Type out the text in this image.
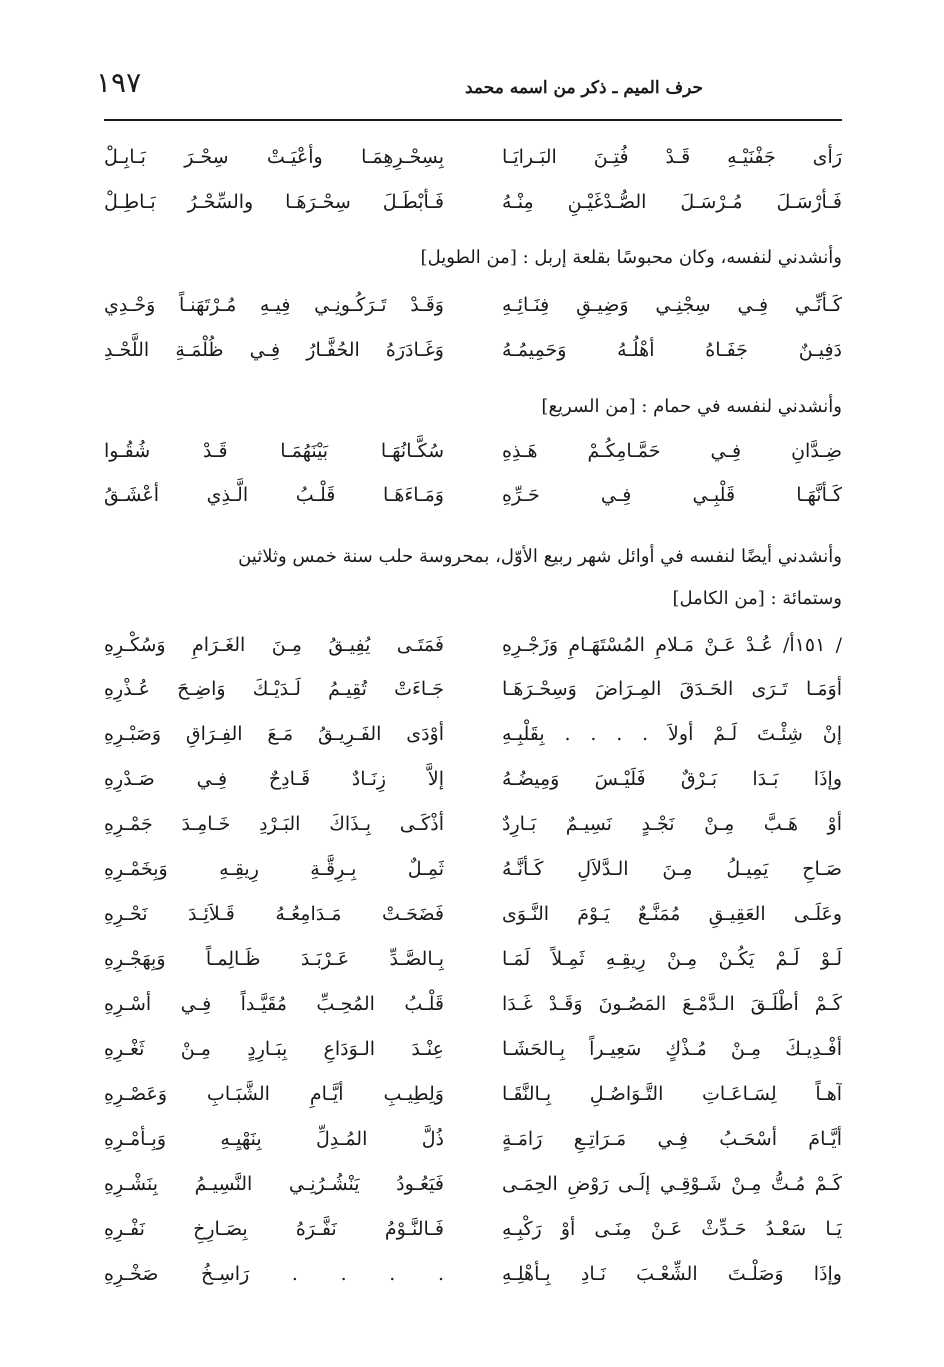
١٩٧	حرف الميم ـ ذكر من اسمه محمد
رَأى جَفْنَيْـهِ قَـدْ فُتِـنَ البَـرايَـا
بِسِحْـرِهِمَـا وأعْيَـتْ سِحْـرَ بَـابِـلْ
فَـأرْسَـلَ مُـرْسَـلَ الصُّـدْغَيْـنِ مِنْـهُ
فَـأبْطَـلَ سِحْـرَهَـا والسِّحْـرُ بَـاطِـلْ
وأنشدني لنفسه، وكان محبوسًا بقلعة إربل : [من الطويل]
كَـأنِّـي فِـي سِجْنِـي وَضِيـقِ فِنَـائِـهِ
وَقَـدْ تَـرَكُـونِـي فِيـهِ مُـرْتَهَنـاً وَحْـدِي
دَفِيـنٌ جَفَـاهُ أهْلُـهُ وَحَمِيمُـهُ
وَغَـادَرَهُ الحُفَّـارُ فِـي ظُلْمَـةِ اللَّحْـدِ
وأنشدني لنفسه في حمام : [من السريع]
ضِـدَّانِ فِـي حَمَّـامِكُـمْ هَـذِهِ
سُكَّـانُهَـا بَيْنَهُمَـا قَـدْ شُقُـوا
كَـأنَّهَـا قَلْبِـي فِـي حَـرِّهِ
وَمَـاءَهَـا قَلْـبُ الَّـذِي أعْشَـقُ
وأنشدني أيضًا لنفسه في أوائل شهر ربيع الأوّل، بمحروسة حلب سنة خمس وثلاثين
وستمائة : [من الكامل]
/ ١٥١أ/ عُـدْ عَـنْ مَـلامِ المُسْتَهَـامِ وَزَجْـرِهِ
فَمَتَـى يُفِيـقُ مِـنَ الغَـرَامِ وَسُكْـرِهِ
أوَمَـا تَـرَى الحَـدَقَ المِـرَاضَ وَسِحْـرَهَـا
جَـاءَتْ تُقِيـمُ لَـدَيْـكَ وَاضِـحَ عُـذْرِهِ
إنْ شِئْـتَ لَـمْ أولاَ . . . . بِقَلْبِـهِ
أوْدَى الفَـرِيـقُ مَـعَ الفِـرَاقِ وَصَبْـرِهِ
وإذَا بَـدَا بَـرْقٌ فَلَيْـسَ وَمِيضُـهُ
إلاَّ زِنَـادٌ قَـادِحٌ فِـي صَـدْرِهِ
أوْ هَـبَّ مِـنْ نَجْـدٍ نَسِيـمٌ بَـارِدٌ
أذْكَـى بِـذَاكَ البَـرْدِ خَـامِـدَ جَمْـرِهِ
صَـاحِ يَمِيـلُ مِـنَ الـدَّلاَلِ كَـأنَّـهُ
ثَمِـلٌ بِـرِقَّـةِ رِيقِـهِ وَبِخَمْـرِهِ
وعَلَـى العَقِيـقِ مُمَنَّـعٌ يَـوْمَ النَّـوَى
فَضَحَـتْ مَـدَامِعُـهُ قَـلاَئِـدَ نَحْـرِهِ
لَـوْ لَـمْ يَكُـنْ مِـنْ رِيقِـهِ ثَمِـلاً لَمَـا
بِـالصَّـدِّ عَـرْبَـدَ ظَـالِمـاً وَبِهَجْـرِهِ
كَـمْ أطْلَـقَ الـدَّمْـعَ المَصُـونَ وَقَـدْ غَـدَا
قَلْـبُ المُحِـبِّ مُقَيَّـداً فِـي أسْـرِهِ
أفْـدِيـكَ مِـنْ مُـذْكٍ سَعِيـراً بِـالحَشَـا
عِنْـدَ الـوَدَاعِ بِبَـارِدٍ مِـنْ ثَغْـرِهِ
آهـاً لِسَـاعَـاتِ التَّـوَاصُـلِ بِـالنَّقَـا
وَلِطِيـبِ أيَّـامِ الشَّبَـابِ وَعَصْـرِهِ
أيَّـامَ أسْحَـبُ فِـي مَـرَاتِـعِ رَامَـةٍ
ذُلَّ المُـدِلِّ بِنَهْيِـهِ وَبِـأمْـرِهِ
كَـمْ مُـتُّ مِـنْ شَـوْقِـي إلَـى رَوْضِ الحِمَـى
فَيَعُـودُ يَنْشُـرُنِـي النَّسِيـمُ بِنَشْـرِهِ
يَـا سَعْـدُ حَـدِّثْ عَـنْ مِنَـى أوْ رَكْبِـهِ
فَـالنَّـوْمُ نَفَّـرَهُ بِصَـارِخِ نَفْـرِهِ
وإذَا وَصَلْـتَ الشِّعْـبَ نَـادِ بِـأهْلِـهِ
. . . . رَاسِـخُ صَخْـرِهِ
